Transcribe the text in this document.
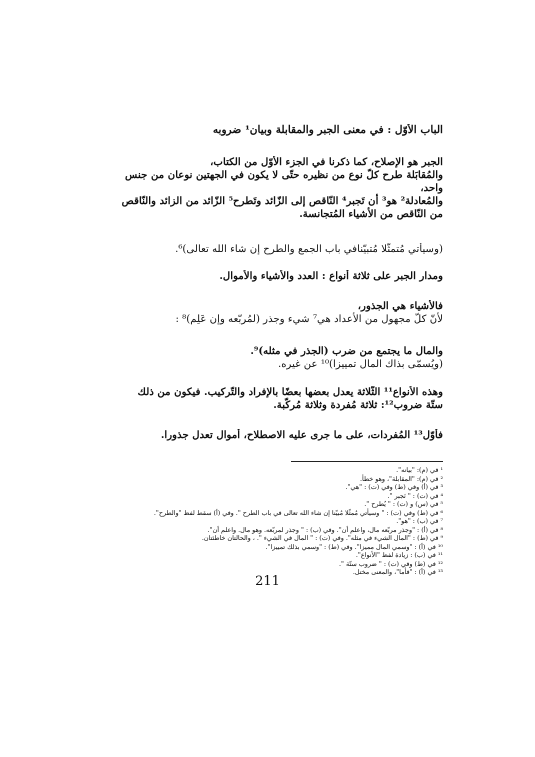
الباب الأوّل : في معنى الجبر والمقابلة وبيان¹ ضروبه
الجبر هو الإصلاح، كما ذكرنا في الجزء الأوّل من الكتاب،
والمُقابَلة طرح كلّ نوع من نظيره حتّى لا يكون في الجهتين نوعان من جنس
واحد،
والمُعادلة² هو³ أن تَجبر⁴ النّاقص إلى الزّائد وتَطرح⁵ الزّائد من الزائد والنّاقص
من النّاقص من الأشياء المُتجانسة.
(وسيأتي مُتمثّلا مُتبيّنافي باب الجمع والطرح إن شاء الله تعالى)⁶.
ومدار الجبر على ثلاثة أنواع : العدد والأشياء والأموال.
فالأشياء هي الجذور،
لأنّ كلّ مجهول من الأعداد هي⁷ شيء وجذر (لمُربّعه وإن عَلِم)⁸ :
والمال ما يجتمع من ضرب (الجذر في مثله)⁹.
(ويُسمّى بذاك المال تمييزا)¹⁰ عن غيره.
وهذه الأنواع¹¹ الثّلاثة يعدل بعضها بعضًا بالإفراد والتّركيب. فيكون من ذلك
ستّة ضروب¹²: ثلاثة مُفردة وثلاثة مُركّبة.
فأوّل¹³ المُفردات، على ما جرى عليه الاصطلاح، أموال تعدل جذورا.
¹ في (م): "بيانه".
² في (م): "المقابلة"، وهو خطأ.
³ في (أ) وفي (ط) وفي (ت) : "هي".
⁴ في (ت) : " نَجبر ".
⁵ في (س) و (ت) : " يُطرح ".
⁶ في (ط) وفي (ت) : " وسيأتي مُمثّلا مُبيّنا إن شاء الله تعالى في باب الطرح ". وفي (أ) سقط لفظ "والطرح".
⁷ في (ب) : "هو".
⁸ في (أ) : "وجذر مربّعه مال، واعلم أن". وفي (ب) : " وجذر لمربّعه. وهو مال. واعلم أن".
⁹ في (ط) : "المال الشيء في مثله". وفي (ت) : " المال في الشيء ". ، والحالتان خاطئتان.
¹⁰ في (أ) : "وسمي المال مميزا". وفي (ط) : "وسمي بذلك تمييزا".
¹¹ في (ب) : زيادة لفظ "الأنواع".
¹² في (ط) وفي (ت) : " ضروب ستّة ".
¹³ في (أ) : "فأما"، والمعنى مختل.
211
